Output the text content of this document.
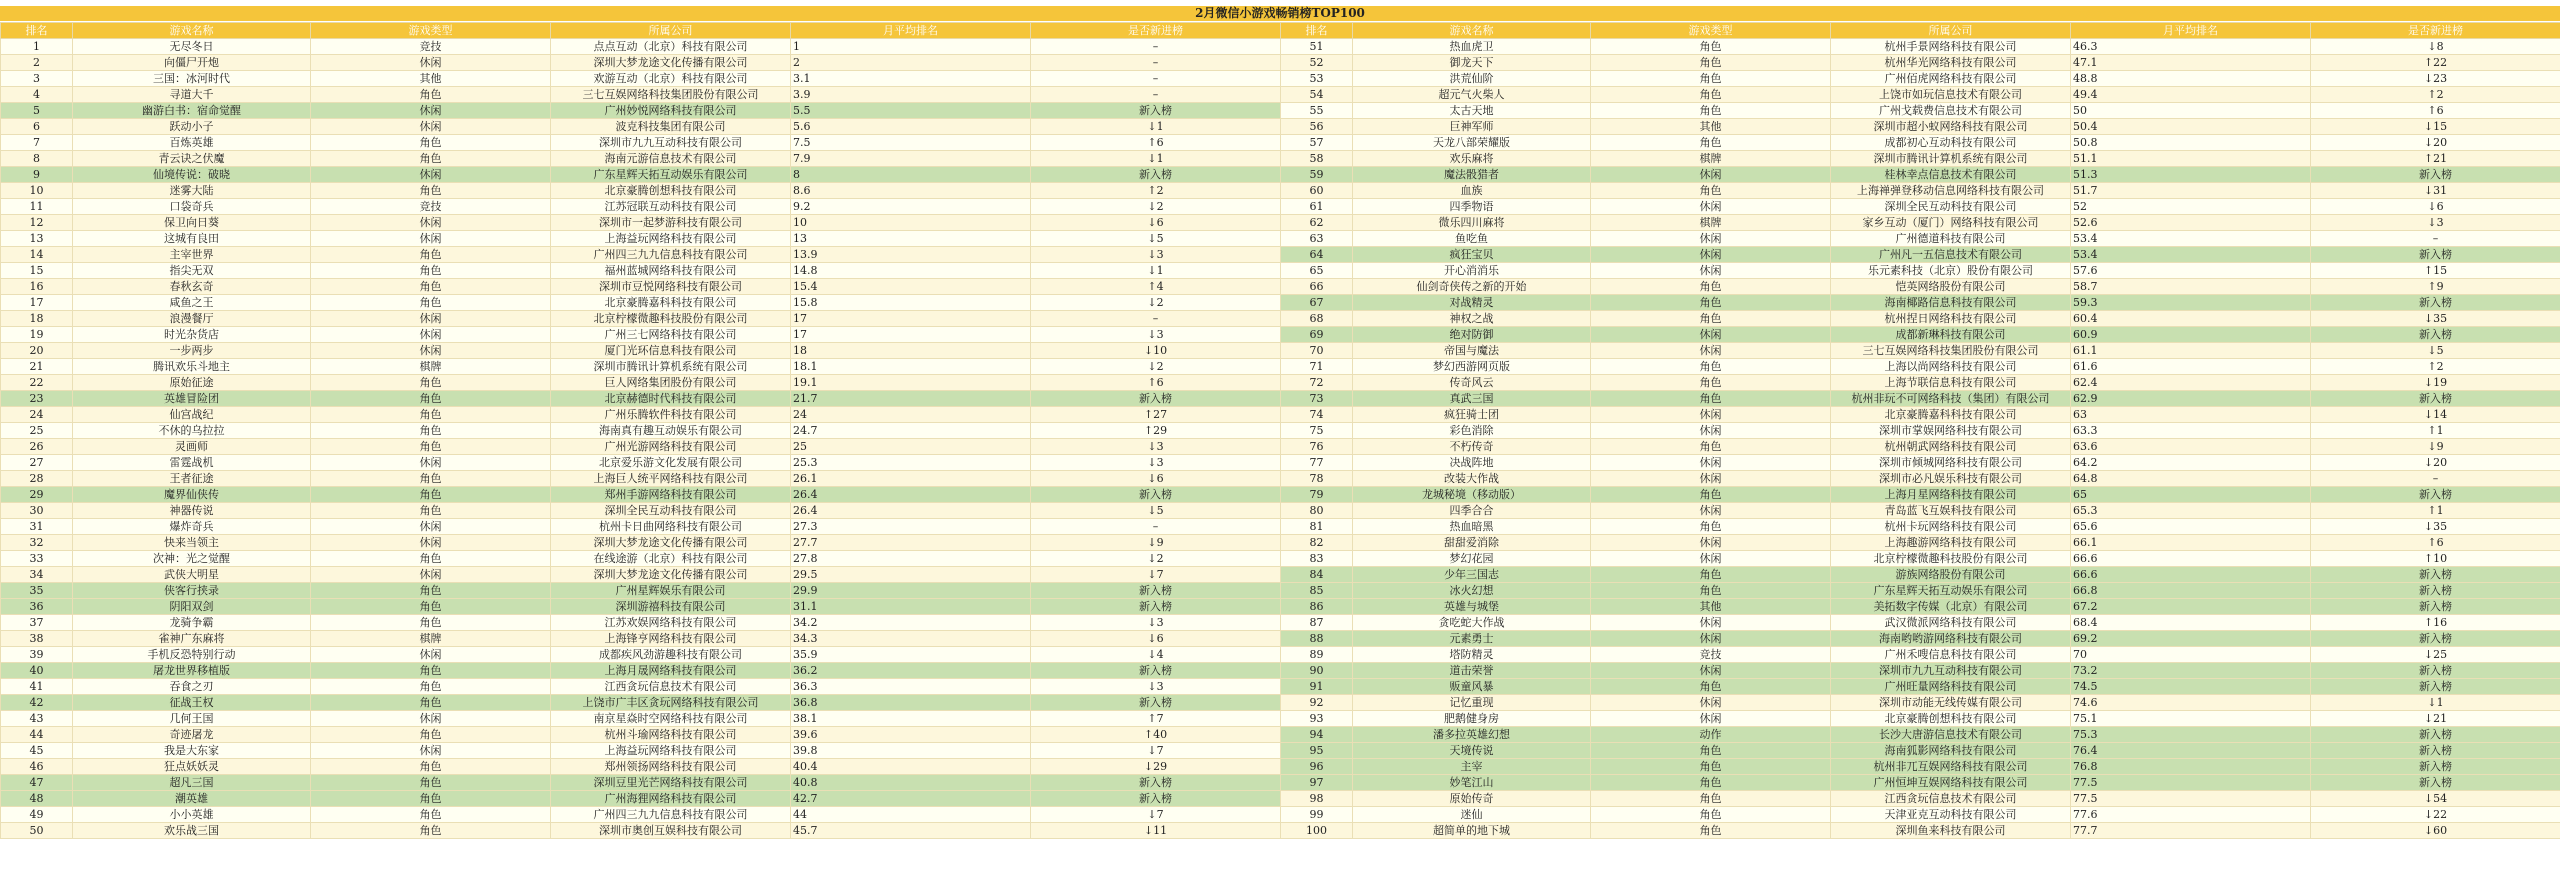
2月微信小游戏畅销榜TOP100
排名	游戏名称	游戏类型	所属公司	月平均排名	是否新进榜
1	无尽冬日	竞技	点点互动（北京）科技有限公司	1	–
2	向僵尸开炮	休闲	深圳大梦龙途文化传播有限公司	2	–
3	三国：冰河时代	其他	欢游互动（北京）科技有限公司	3.1	–
4	寻道大千	角色	三七互娱网络科技集团股份有限公司	3.9	–
5	幽游白书：宿命觉醒	休闲	广州妙悦网络科技有限公司	5.5	新入榜
6	跃动小子	休闲	波克科技集团有限公司	5.6	↓1
7	百炼英雄	角色	深圳市九九互动科技有限公司	7.5	↑6
8	青云诀之伏魔	角色	海南元游信息技术有限公司	7.9	↓1
9	仙境传说：破晓	休闲	广东星辉天拓互动娱乐有限公司	8	新入榜
10	迷雾大陆	角色	北京豪腾创想科技有限公司	8.6	↑2
11	口袋奇兵	竞技	江苏冠联互动科技有限公司	9.2	↓2
12	保卫向日葵	休闲	深圳市一起梦游科技有限公司	10	↓6
13	这城有良田	休闲	上海益玩网络科技有限公司	13	↓5
14	主宰世界	角色	广州四三九九信息科技有限公司	13.9	↓3
15	指尖无双	角色	福州蓝城网络科技有限公司	14.8	↓1
16	春秋玄奇	角色	深圳市豆悦网络科技有限公司	15.4	↑4
17	咸鱼之王	角色	北京豪腾嘉科科技有限公司	15.8	↓2
18	浪漫餐厅	休闲	北京柠檬微趣科技股份有限公司	17	–
19	时光杂货店	休闲	广州三七网络科技有限公司	17	↓3
20	一步两步	休闲	厦门光环信息科技有限公司	18	↓10
21	腾讯欢乐斗地主	棋牌	深圳市腾讯计算机系统有限公司	18.1	↓2
22	原始征途	角色	巨人网络集团股份有限公司	19.1	↑6
23	英雄冒险团	角色	北京赫德时代科技有限公司	21.7	新入榜
24	仙宫战纪	角色	广州乐腾软件科技有限公司	24	↑27
25	不休的乌拉拉	角色	海南真有趣互动娱乐有限公司	24.7	↑29
26	灵画师	角色	广州光游网络科技有限公司	25	↓3
27	雷霆战机	休闲	北京爱乐游文化发展有限公司	25.3	↓3
28	王者征途	角色	上海巨人统平网络科技有限公司	26.1	↓6
29	魔界仙侠传	角色	郑州手游网络科技有限公司	26.4	新入榜
30	神器传说	角色	深圳全民互动科技有限公司	26.4	↓5
31	爆炸奇兵	休闲	杭州卡日曲网络科技有限公司	27.3	–
32	快来当领主	休闲	深圳大梦龙途文化传播有限公司	27.7	↓9
33	次神：光之觉醒	角色	在线途游（北京）科技有限公司	27.8	↓2
34	武侠大明星	休闲	深圳大梦龙途文化传播有限公司	29.5	↓7
35	侠客行挟录	角色	广州星辉娱乐有限公司	29.9	新入榜
36	阴阳双剑	角色	深圳游禧科技有限公司	31.1	新入榜
37	龙骑争霸	角色	江苏欢娱网络科技有限公司	34.2	↓3
38	雀神广东麻将	棋牌	上海锋亨网络科技有限公司	34.3	↓6
39	手机反恐特别行动	休闲	成都疾风劲游趣科技有限公司	35.9	↓4
40	屠龙世界移植版	角色	上海月晟网络科技有限公司	36.2	新入榜
41	吞食之刃	角色	江西贪玩信息技术有限公司	36.3	↓3
42	征战王权	角色	上饶市广丰区贪玩网络科技有限公司	36.8	新入榜
43	几何王国	休闲	南京星焱时空网络科技有限公司	38.1	↑7
44	奇迹屠龙	角色	杭州斗瑜网络科技有限公司	39.6	↑40
45	我是大东家	休闲	上海益玩网络科技有限公司	39.8	↓7
46	狂点妖妖灵	角色	郑州领扬网络科技有限公司	40.4	↓29
47	超凡三国	角色	深圳豆里光芒网络科技有限公司	40.8	新入榜
48	潮英雄	角色	广州海狸网络科技有限公司	42.7	新入榜
49	小小英雄	角色	广州四三九九信息科技有限公司	44	↓7
50	欢乐战三国	角色	深圳市奥创互娱科技有限公司	45.7	↓11
排名	游戏名称	游戏类型	所属公司	月平均排名	是否新进榜
51	热血虎卫	角色	杭州手景网络科技有限公司	46.3	↓8
52	御龙天下	角色	杭州华光网络科技有限公司	47.1	↑22
53	洪荒仙阶	角色	广州佰虎网络科技有限公司	48.8	↓23
54	超元气火柴人	角色	上饶市如玩信息技术有限公司	49.4	↑2
55	太古天地	角色	广州戈载费信息技术有限公司	50	↑6
56	巨神军师	其他	深圳市超小蚁网络科技有限公司	50.4	↓15
57	天龙八部荣耀版	角色	成都初心互动科技有限公司	50.8	↓20
58	欢乐麻将	棋牌	深圳市腾讯计算机系统有限公司	51.1	↑21
59	魔法骰猎者	休闲	桂林幸点信息技术有限公司	51.3	新入榜
60	血族	角色	上海禅弹登移动信息网络科技有限公司	51.7	↓31
61	四季物语	休闲	深圳全民互动科技有限公司	52	↓6
62	微乐四川麻将	棋牌	家乡互动（厦门）网络科技有限公司	52.6	↓3
63	鱼吃鱼	休闲	广州德道科技有限公司	53.4	–
64	疯狂宝贝	休闲	广州凡一五信息技术有限公司	53.4	新入榜
65	开心消消乐	休闲	乐元素科技（北京）股份有限公司	57.6	↑15
66	仙剑奇侠传之新的开始	角色	恺英网络股份有限公司	58.7	↑9
67	对战精灵	角色	海南椰路信息科技有限公司	59.3	新入榜
68	神权之战	角色	杭州捏日网络科技有限公司	60.4	↓35
69	绝对防御	休闲	成都新琳科技有限公司	60.9	新入榜
70	帝国与魔法	休闲	三七互娱网络科技集团股份有限公司	61.1	↓5
71	梦幻西游网页版	角色	上海以尚网络科技有限公司	61.6	↑2
72	传奇风云	角色	上海节联信息科技有限公司	62.4	↓19
73	真武三国	角色	杭州非玩不可网络科技（集团）有限公司	62.9	新入榜
74	疯狂骑士团	休闲	北京豪腾嘉科科技有限公司	63	↓14
75	彩色消除	休闲	深圳市掌娱网络科技有限公司	63.3	↑1
76	不朽传奇	角色	杭州朝武网络科技有限公司	63.6	↓9
77	决战阵地	休闲	深圳市倾城网络科技有限公司	64.2	↓20
78	改装大作战	休闲	深圳市必凡娱乐科技有限公司	64.8	–
79	龙城秘境（移动版）	角色	上海月星网络科技有限公司	65	新入榜
80	四季合合	休闲	青岛蓝飞互娱科技有限公司	65.3	↑1
81	热血暗黑	角色	杭州卡玩网络科技有限公司	65.6	↓35
82	甜甜爱消除	休闲	上海趣游网络科技有限公司	66.1	↑6
83	梦幻花园	休闲	北京柠檬微趣科技股份有限公司	66.6	↑10
84	少年三国志	角色	游族网络股份有限公司	66.6	新入榜
85	冰火幻想	角色	广东星辉天拓互动娱乐有限公司	66.8	新入榜
86	英雄与城堡	其他	美拓数字传媒（北京）有限公司	67.2	新入榜
87	贪吃蛇大作战	休闲	武汉微派网络科技有限公司	68.4	↑16
88	元素勇士	休闲	海南哟哟游网络科技有限公司	69.2	新入榜
89	塔防精灵	竞技	广州禾嗖信息科技有限公司	70	↓25
90	道击荣誉	休闲	深圳市九九互动科技有限公司	73.2	新入榜
91	贩童风暴	角色	广州旺量网络科技有限公司	74.5	新入榜
92	记忆重现	休闲	深圳市动能无线传媒有限公司	74.6	↓1
93	肥鹅健身房	休闲	北京豪腾创想科技有限公司	75.1	↓21
94	潘多拉英雄幻想	动作	长沙大唐游信息技术有限公司	75.3	新入榜
95	天境传说	角色	海南狐影网络科技有限公司	76.4	新入榜
96	主宰	角色	杭州非兀互娱网络科技有限公司	76.8	新入榜
97	妙笔江山	角色	广州恒坤互娱网络科技有限公司	77.5	新入榜
98	原始传奇	角色	江西贪玩信息技术有限公司	77.5	↓54
99	迷仙	角色	天津亚克互动科技有限公司	77.6	↓22
100	超简单的地下城	角色	深圳鱼来科技有限公司	77.7	↓60
